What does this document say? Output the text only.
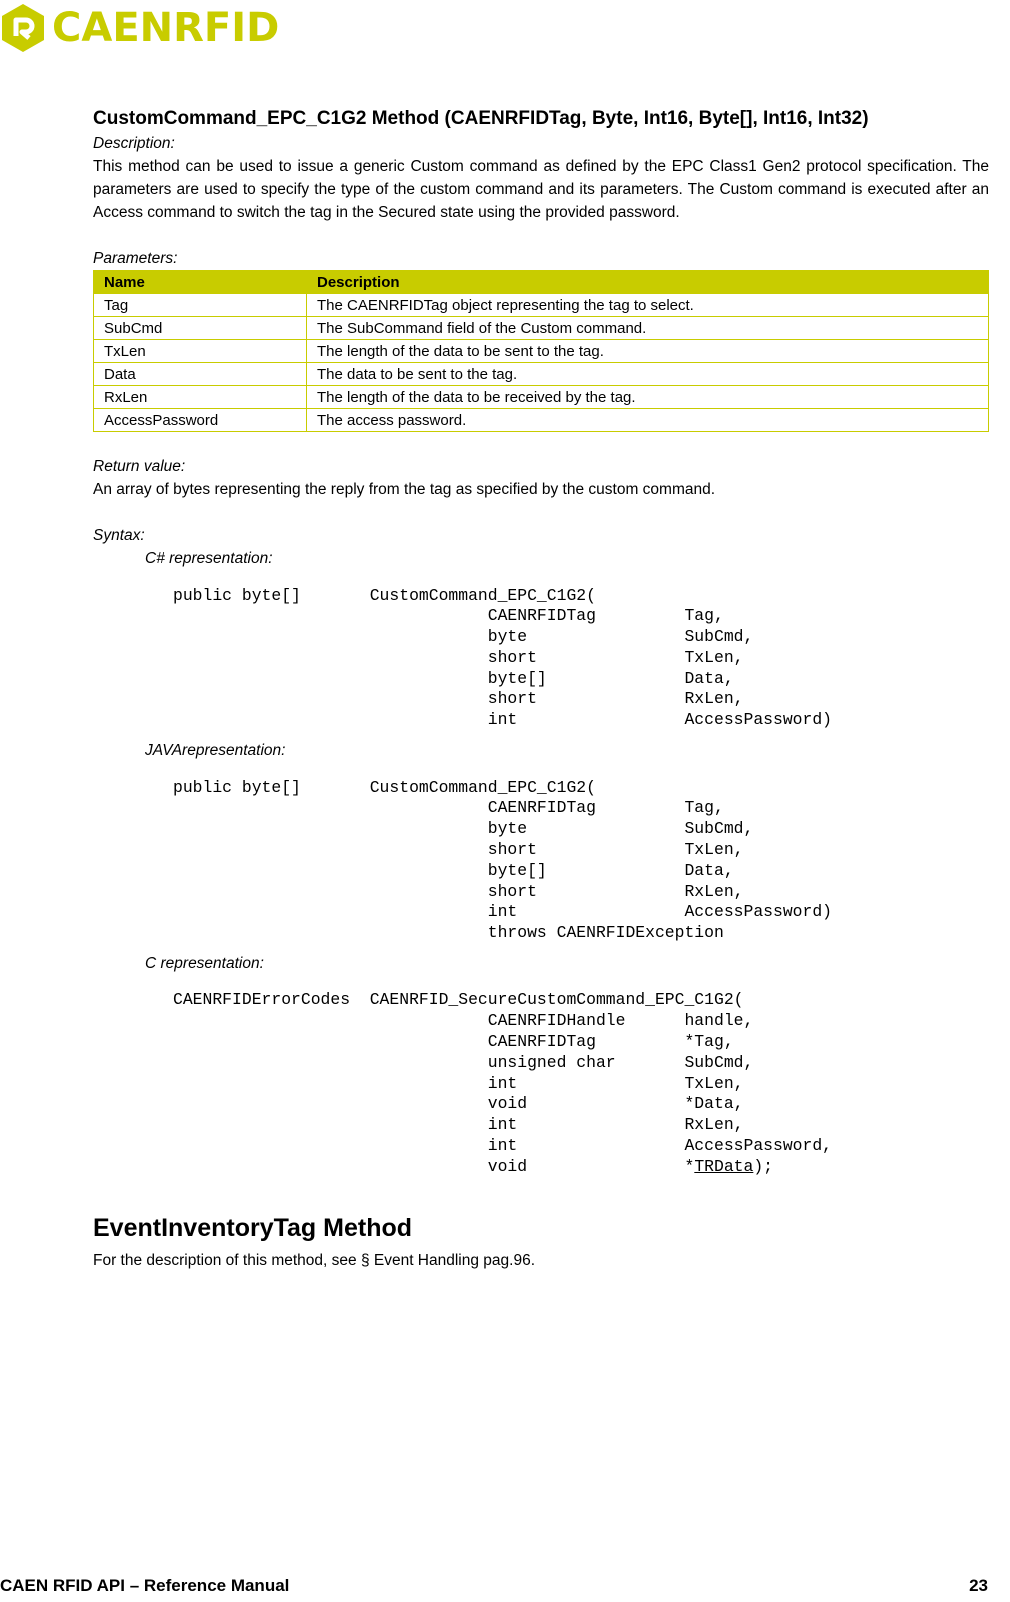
CAENRFID
CustomCommand_EPC_C1G2 Method (CAENRFIDTag, Byte, Int16, Byte[], Int16, Int32)

Description:

This method can be used to issue a generic Custom command as defined by the EPC Class1 Gen2 protocol specification. The parameters are used to specify the type of the custom command and its parameters. The Custom command is executed after an Access command to switch the tag in the Secured state using the provided password.

Parameters:

Name	Description
Tag	The CAENRFIDTag object representing the tag to select.
SubCmd	The SubCommand field of the Custom command.
TxLen	The length of the data to be sent to the tag.
Data	The data to be sent to the tag.
RxLen	The length of the data to be received by the tag.
AccessPassword	The access password.

Return value:

An array of bytes representing the reply from the tag as specified by the custom command.

Syntax:

C# representation:

public byte[]       CustomCommand_EPC_C1G2(
CAENRFIDTag         Tag,
byte                SubCmd,
short               TxLen,
byte[]              Data,
short               RxLen,
int                 AccessPassword)

JAVArepresentation:

public byte[]       CustomCommand_EPC_C1G2(
CAENRFIDTag         Tag,
byte                SubCmd,
short               TxLen,
byte[]              Data,
short               RxLen,
int                 AccessPassword)
throws CAENRFIDException

C representation:

CAENRFIDErrorCodes  CAENRFID_SecureCustomCommand_EPC_C1G2(
CAENRFIDHandle      handle,
CAENRFIDTag         *Tag,
unsigned char       SubCmd,
int                 TxLen,
void                *Data,
int                 RxLen,
int                 AccessPassword,
void                *TRData);
EventInventoryTag Method

For the description of this method, see § Event Handling pag.96.

CAEN RFID API – Reference Manual	23
